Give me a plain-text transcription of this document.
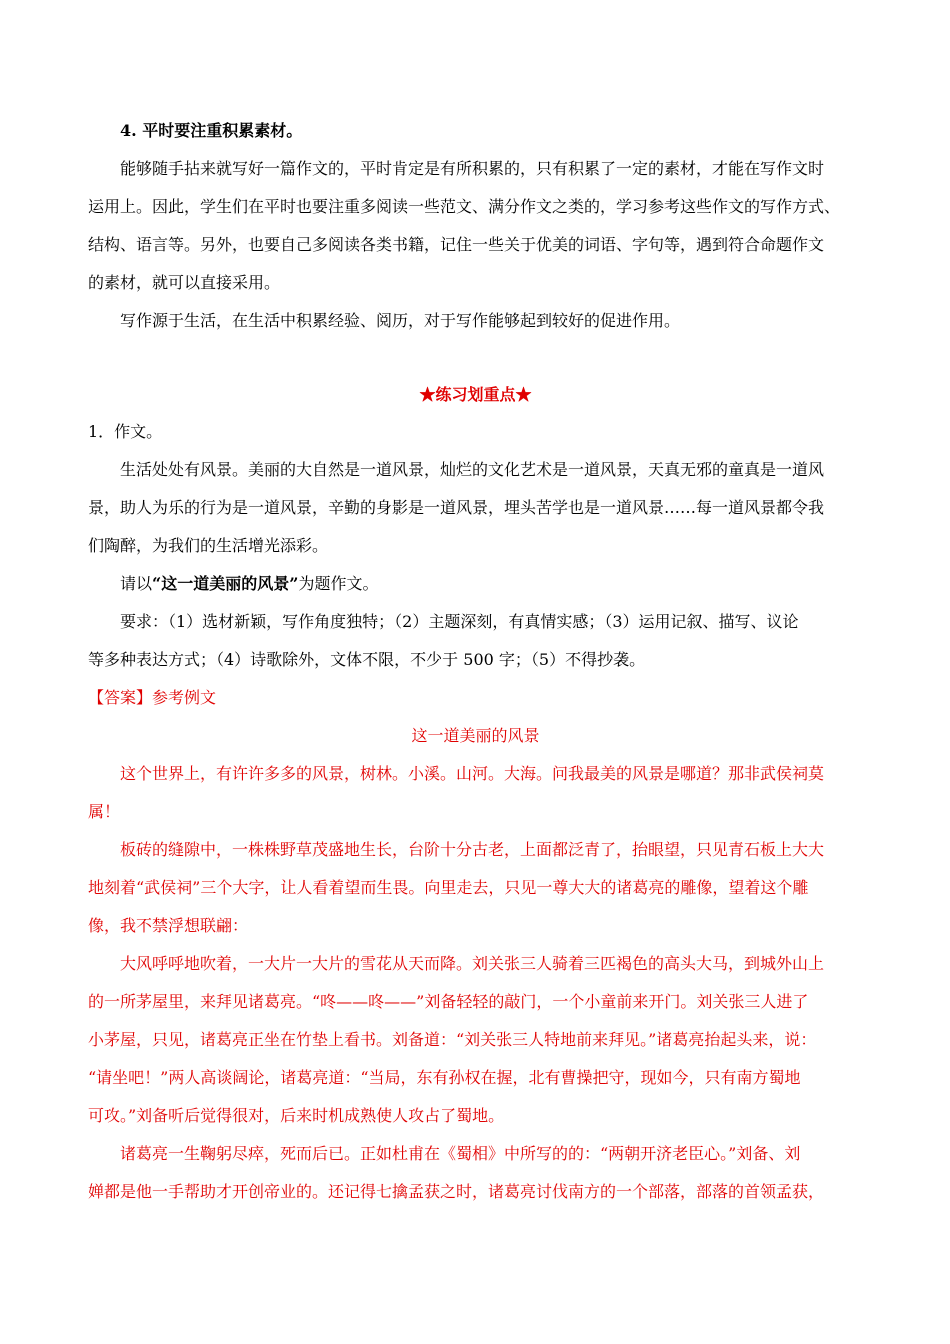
4. 平时要注重积累素材。
能够随手拈来就写好一篇作文的，平时肯定是有所积累的，只有积累了一定的素材，才能在写作文时
运用上。因此，学生们在平时也要注重多阅读一些范文、满分作文之类的，学习参考这些作文的写作方式、
结构、语言等。另外，也要自己多阅读各类书籍，记住一些关于优美的词语、字句等，遇到符合命题作文
的素材，就可以直接采用。
写作源于生活，在生活中积累经验、阅历，对于写作能够起到较好的促进作用。
★练习划重点★
1．作文。
生活处处有风景。美丽的大自然是一道风景，灿烂的文化艺术是一道风景，天真无邪的童真是一道风
景，助人为乐的行为是一道风景，辛勤的身影是一道风景，埋头苦学也是一道风景……每一道风景都令我
们陶醉，为我们的生活增光添彩。
请以“这一道美丽的风景”为题作文。
要求：（1）选材新颖，写作角度独特；（2）主题深刻，有真情实感；（3）运用记叙、描写、议论
等多种表达方式；（4）诗歌除外，文体不限，不少于 500 字；（5）不得抄袭。
【答案】参考例文
这一道美丽的风景
这个世界上，有许许多多的风景，树林。小溪。山河。大海。问我最美的风景是哪道？那非武侯祠莫
属！
板砖的缝隙中，一株株野草茂盛地生长，台阶十分古老，上面都泛青了，抬眼望，只见青石板上大大
地刻着“武侯祠”三个大字，让人看着望而生畏。向里走去，只见一尊大大的诸葛亮的雕像，望着这个雕
像，我不禁浮想联翩：
大风呼呼地吹着，一大片一大片的雪花从天而降。刘关张三人骑着三匹褐色的高头大马，到城外山上
的一所茅屋里，来拜见诸葛亮。“咚——咚——”刘备轻轻的敲门，一个小童前来开门。刘关张三人进了
小茅屋，只见，诸葛亮正坐在竹垫上看书。刘备道：“刘关张三人特地前来拜见。”诸葛亮抬起头来，说：
“请坐吧！”两人高谈阔论，诸葛亮道：“当局，东有孙权在握，北有曹操把守，现如今，只有南方蜀地
可攻。”刘备听后觉得很对，后来时机成熟使人攻占了蜀地。
诸葛亮一生鞠躬尽瘁，死而后已。正如杜甫在《蜀相》中所写的的：“两朝开济老臣心。”刘备、刘
婵都是他一手帮助才开创帝业的。还记得七擒孟获之时，诸葛亮讨伐南方的一个部落，部落的首领孟获，
